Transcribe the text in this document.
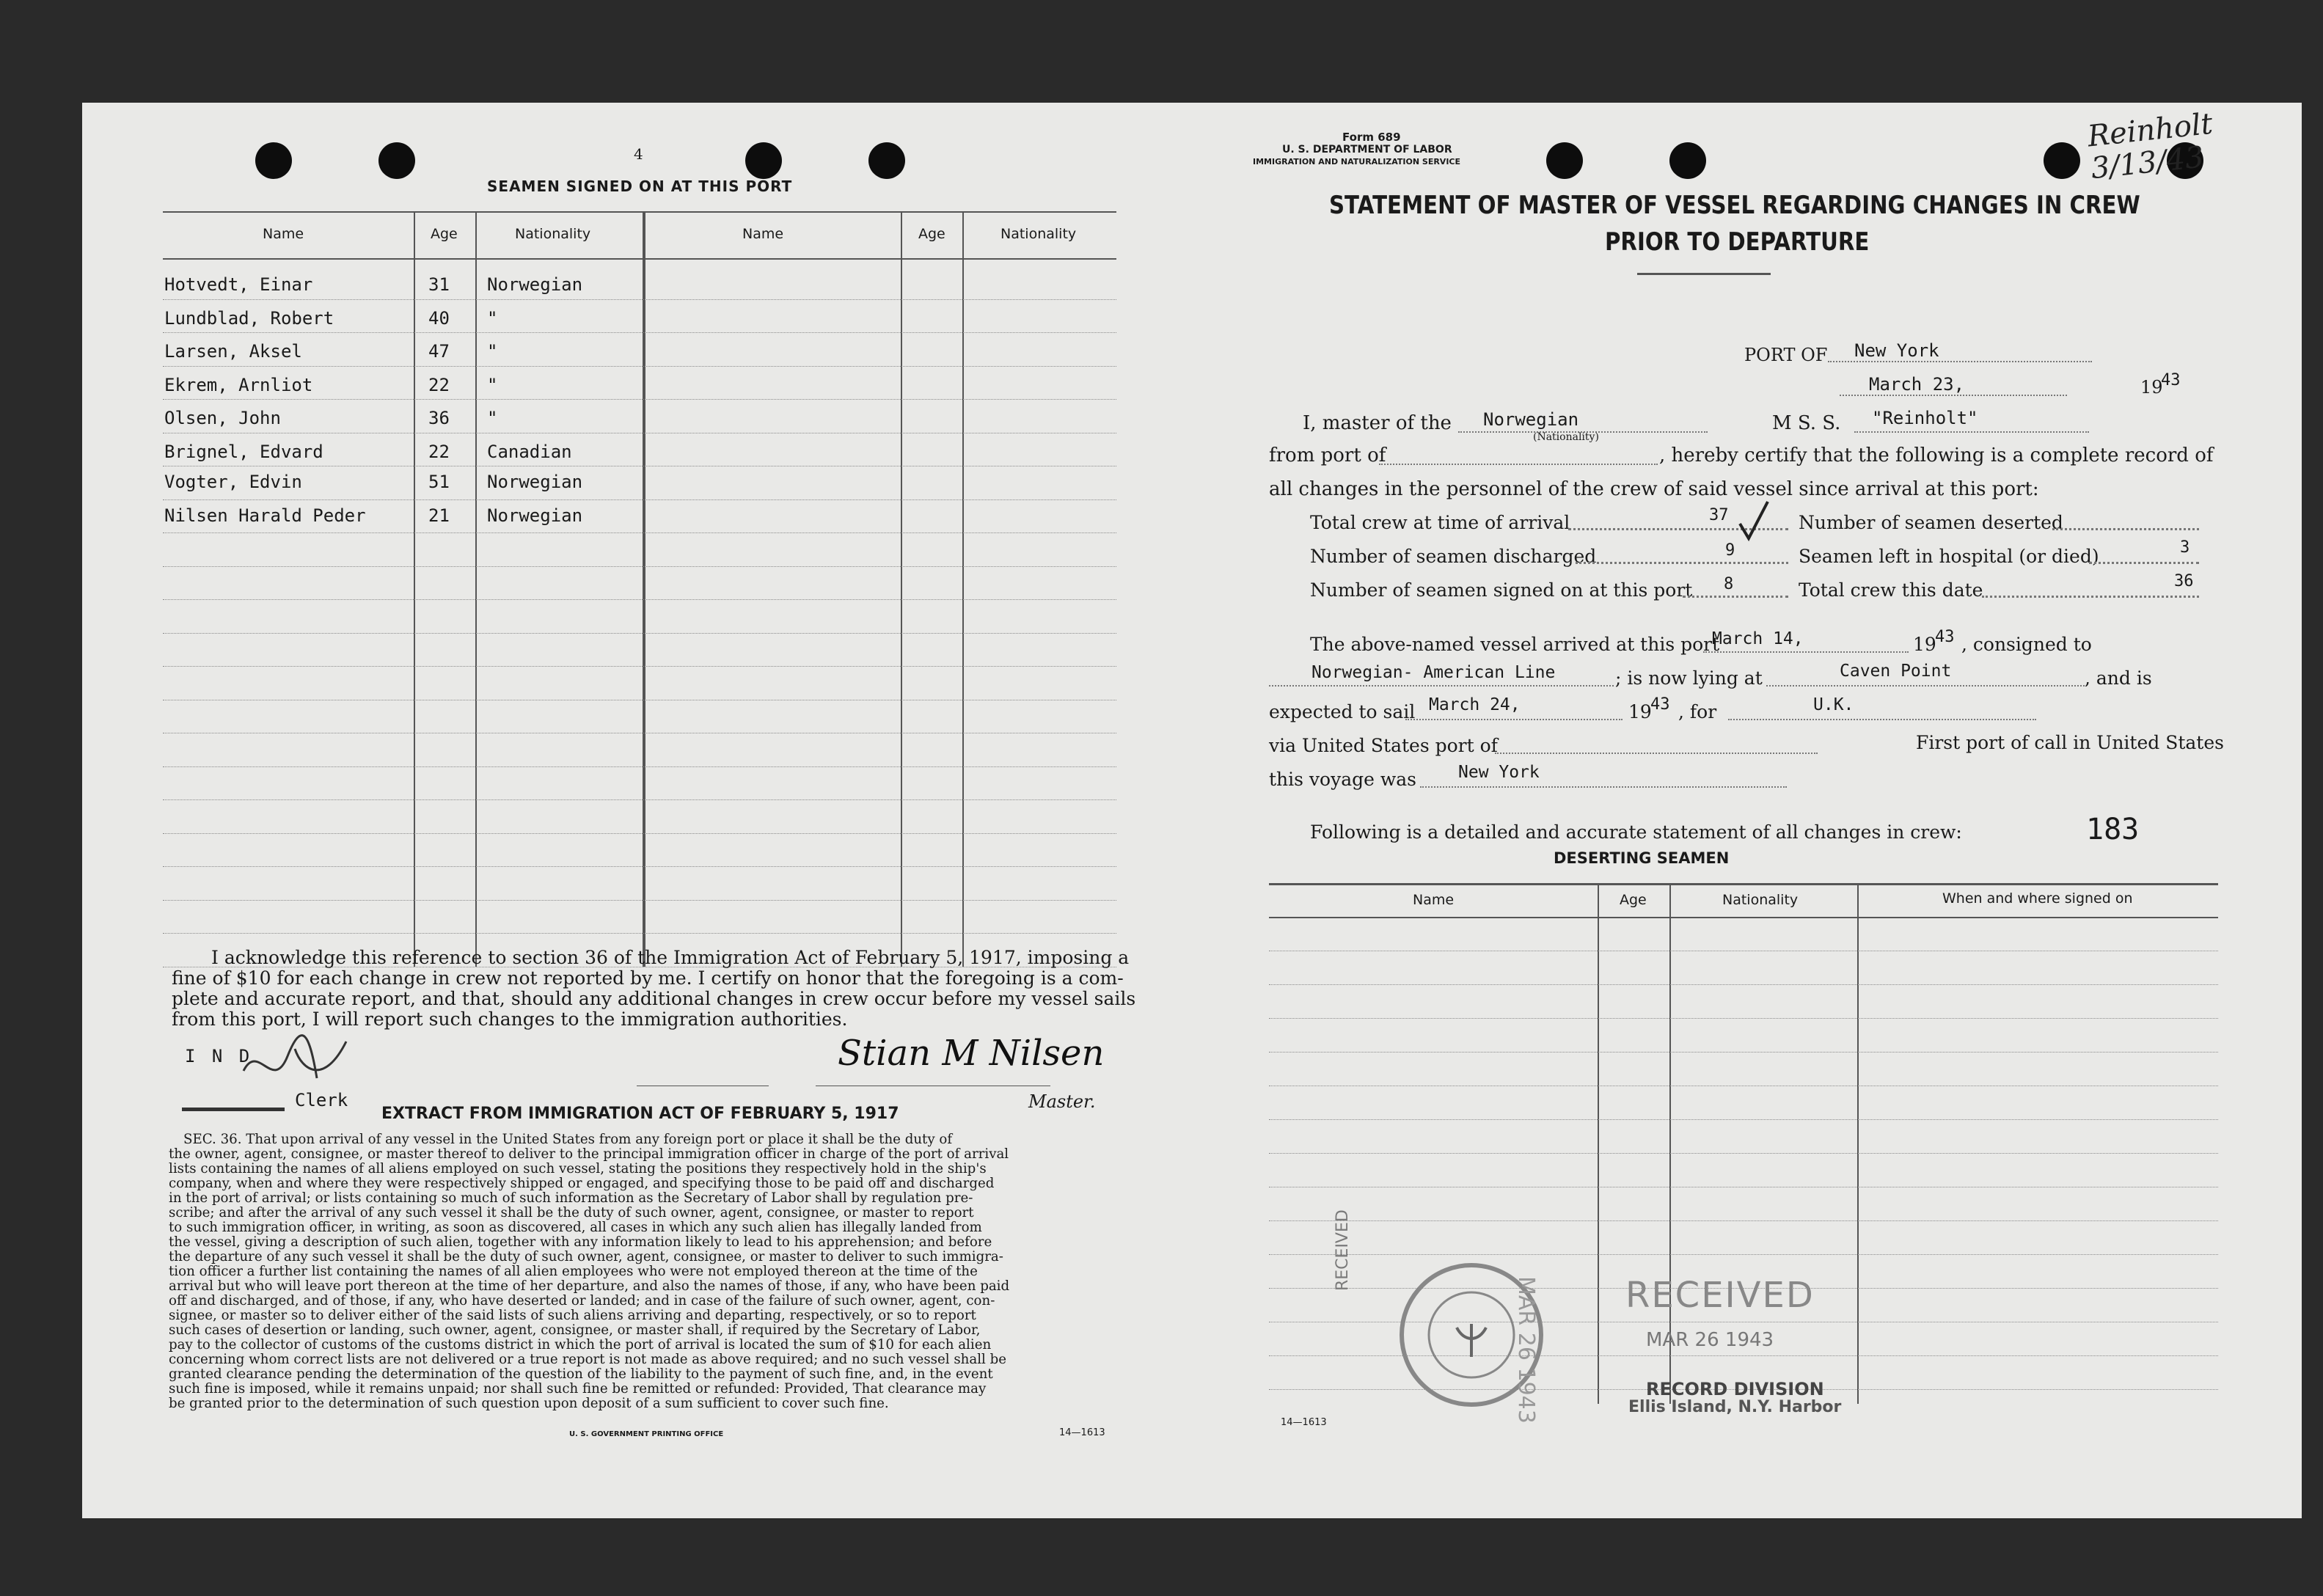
4
SEAMEN SIGNED ON AT THIS PORT
Name	Age	Nationality	Name	Age	Nationality
Hotvedt, Einar	31 Norwegian
Lundblad, Robert	40 "
Larsen, Aksel	47 "
Ekrem, Arnliot	22 "
Olsen, John	36 "
Brignel, Edvard	22 Canadian
Vogter, Edvin	51 Norwegian
Nilsen Harald Peder	21 Norwegian
I acknowledge this reference to section 36 of the Immigration Act of February 5, 1917, imposing a
fine of $10 for each change in crew not reported by me. I certify on honor that the foregoing is a com-
plete and accurate report, and that, should any additional changes in crew occur before my vessel sails
from this port, I will report such changes to the immigration authorities.
I N D
Clerk
Stian M Nilsen
Master.
EXTRACT FROM IMMIGRATION ACT OF FEBRUARY 5, 1917
SEC. 36. That upon arrival of any vessel in the United States from any foreign port or place it shall be the duty of
the owner, agent, consignee, or master thereof to deliver to the principal immigration officer in charge of the port of arrival
lists containing the names of all aliens employed on such vessel, stating the positions they respectively hold in the ship's
company, when and where they were respectively shipped or engaged, and specifying those to be paid off and discharged
in the port of arrival; or lists containing so much of such information as the Secretary of Labor shall by regulation pre-
scribe; and after the arrival of any such vessel it shall be the duty of such owner, agent, consignee, or master to report
to such immigration officer, in writing, as soon as discovered, all cases in which any such alien has illegally landed from
the vessel, giving a description of such alien, together with any information likely to lead to his apprehension; and before
the departure of any such vessel it shall be the duty of such owner, agent, consignee, or master to deliver to such immigra-
tion officer a further list containing the names of all alien employees who were not employed thereon at the time of the
arrival but who will leave port thereon at the time of her departure, and also the names of those, if any, who have been paid
off and discharged, and of those, if any, who have deserted or landed; and in case of the failure of such owner, agent, con-
signee, or master so to deliver either of the said lists of such aliens arriving and departing, respectively, or so to report
such cases of desertion or landing, such owner, agent, consignee, or master shall, if required by the Secretary of Labor,
pay to the collector of customs of the customs district in which the port of arrival is located the sum of $10 for each alien
concerning whom correct lists are not delivered or a true report is not made as above required; and no such vessel shall be
granted clearance pending the determination of the question of the liability to the payment of such fine, and, in the event
such fine is imposed, while it remains unpaid; nor shall such fine be remitted or refunded: Provided, That clearance may
be granted prior to the determination of such question upon deposit of a sum sufficient to cover such fine.
U. S. GOVERNMENT PRINTING OFFICE	14—1613
Form 689
U. S. DEPARTMENT OF LABOR
IMMIGRATION AND NATURALIZATION SERVICE
Reinholt 3/13/43
STATEMENT OF MASTER OF VESSEL REGARDING CHANGES IN CREW
PRIOR TO DEPARTURE
PORT OF New York
March 23,	19
43
I, master of the Norwegian
(Nationality)
M S. S. "Reinholt"
from port of	, hereby certify that the following is a complete record of
all changes in the personnel of the crew of said vessel since arrival at this port:
Total crew at time of arrival	37
Number of seamen discharged	9
Number of seamen signed on at this port 8
Number of seamen deserted
Seamen left in hospital (or died)	3
Total crew this date	36
The above-named vessel arrived at this port
March 14,	19
43 , consigned to
Norwegian- American Line	; is now lying at	Caven Point	, and is
expected to sail March 24,	19
43 , for	U.K.
via United States port of	First port of call in United States
this voyage was New York
Following is a detailed and accurate statement of all changes in crew:	183
DESERTING SEAMEN
Name	Age	Nationality	When and where signed on
RECEIVED
MAR 26 1943 RECEIVED
MAR 26 1943
RECORD DIVISION
Ellis Island, N.Y. Harbor
14—1613
